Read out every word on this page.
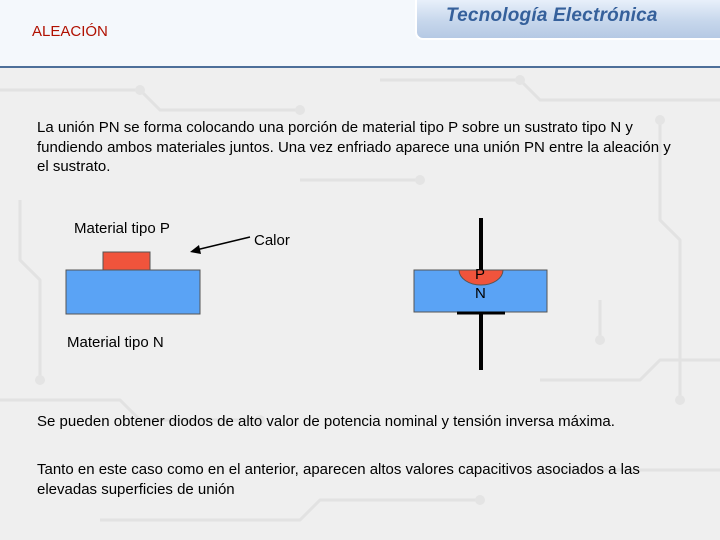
Tecnología Electrónica
ALEACIÓN
La unión PN se forma colocando una porción de material tipo P sobre un sustrato tipo N y fundiendo ambos materiales juntos. Una vez enfriado aparece una unión PN entre la aleación y el sustrato.
Material tipo P
Calor
Material tipo N
P
N
Se pueden obtener diodos de alto valor de potencia nominal y tensión inversa máxima.
Tanto en este caso como en el anterior, aparecen altos valores capacitivos asociados a las elevadas superficies de unión
